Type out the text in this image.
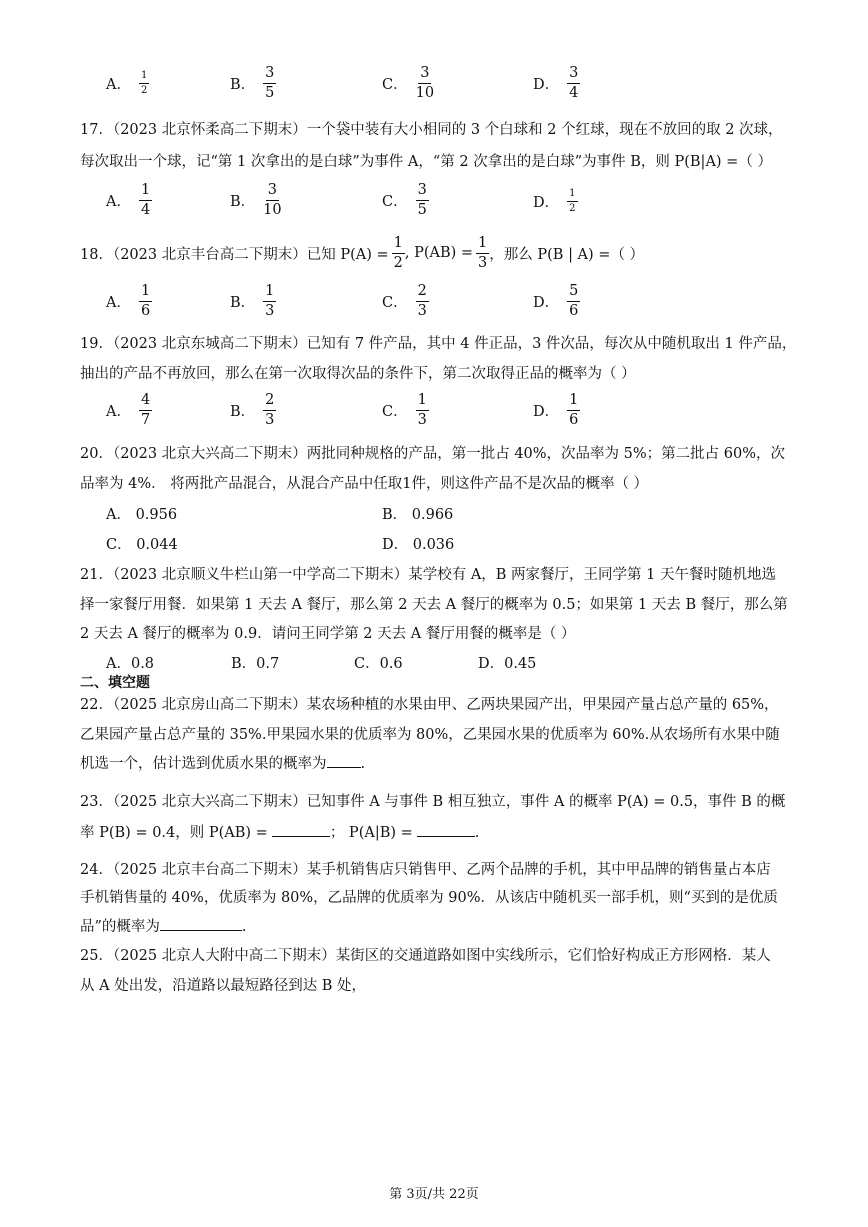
A． $\frac{1}{2}$	B． $\frac{3}{5}$	C． $\frac{3}{10}$	D． $\frac{3}{4}$
17．（2023 北京怀柔高二下期末）一个袋中装有大小相同的 3 个白球和 2 个红球，现在不放回的取 2 次球，
每次取出一个球，记“第 1 次拿出的是白球”为事件 A，“第 2 次拿出的是白球”为事件 B，则 P(B|A) =（ ）
A． $\frac{1}{4}$	B． $\frac{3}{10}$	C． $\frac{3}{5}$	D． $\frac{1}{2}$
18．（2023 北京丰台高二下期末）已知 $P(A) = \frac{1}{2}$ , $P(AB) = \frac{1}{3}$ ，那么 P(B | A) =（ ）
A． $\frac{1}{6}$	B． $\frac{1}{3}$	C． $\frac{2}{3}$	D． $\frac{5}{6}$
19．（2023 北京东城高二下期末）已知有 7 件产品，其中 4 件正品，3 件次品，每次从中随机取出 1 件产品，
抽出的产品不再放回，那么在第一次取得次品的条件下，第二次取得正品的概率为（ ）
A． $\frac{4}{7}$	B． $\frac{2}{3}$	C． $\frac{1}{3}$	D． $\frac{1}{6}$
20．（2023 北京大兴高二下期末）两批同种规格的产品，第一批占 40%，次品率为 5%；第二批占 60%，次
品率为 4%． 将两批产品混合，从混合产品中任取1件，则这件产品不是次品的概率（ ）
A． 0.956	B． 0.966
C． 0.044	D． 0.036
21．（2023 北京顺义牛栏山第一中学高二下期末）某学校有 A，B 两家餐厅，王同学第 1 天午餐时随机地选
择一家餐厅用餐．如果第 1 天去 A 餐厅，那么第 2 天去 A 餐厅的概率为 0.5；如果第 1 天去 B 餐厅，那么第
2 天去 A 餐厅的概率为 0.9．请问王同学第 2 天去 A 餐厅用餐的概率是（ ）
A．0.8	B．0.7	C．0.6	D．0.45
二、填空题
22．（2025 北京房山高二下期末）某农场种植的水果由甲、乙两块果园产出，甲果园产量占总产量的 65%，
乙果园产量占总产量的 35%.甲果园水果的优质率为 80%，乙果园水果的优质率为 60%.从农场所有水果中随
机选一个，估计选到优质水果的概率为 .
23．（2025 北京大兴高二下期末）已知事件 A 与事件 B 相互独立，事件 A 的概率 P(A) = 0.5，事件 B 的概
率 P(B) = 0.4，则 P(AB) =	； P(A|B) =	.
24．（2025 北京丰台高二下期末）某手机销售店只销售甲、乙两个品牌的手机，其中甲品牌的销售量占本店
手机销售量的 40%，优质率为 80%，乙品牌的优质率为 90%．从该店中随机买一部手机，则“买到的是优质
品”的概率为	.
25．（2025 北京人大附中高二下期末）某街区的交通道路如图中实线所示，它们恰好构成正方形网格．某人
从 A 处出发，沿道路以最短路径到达 B 处，
第 3页/共 22页
